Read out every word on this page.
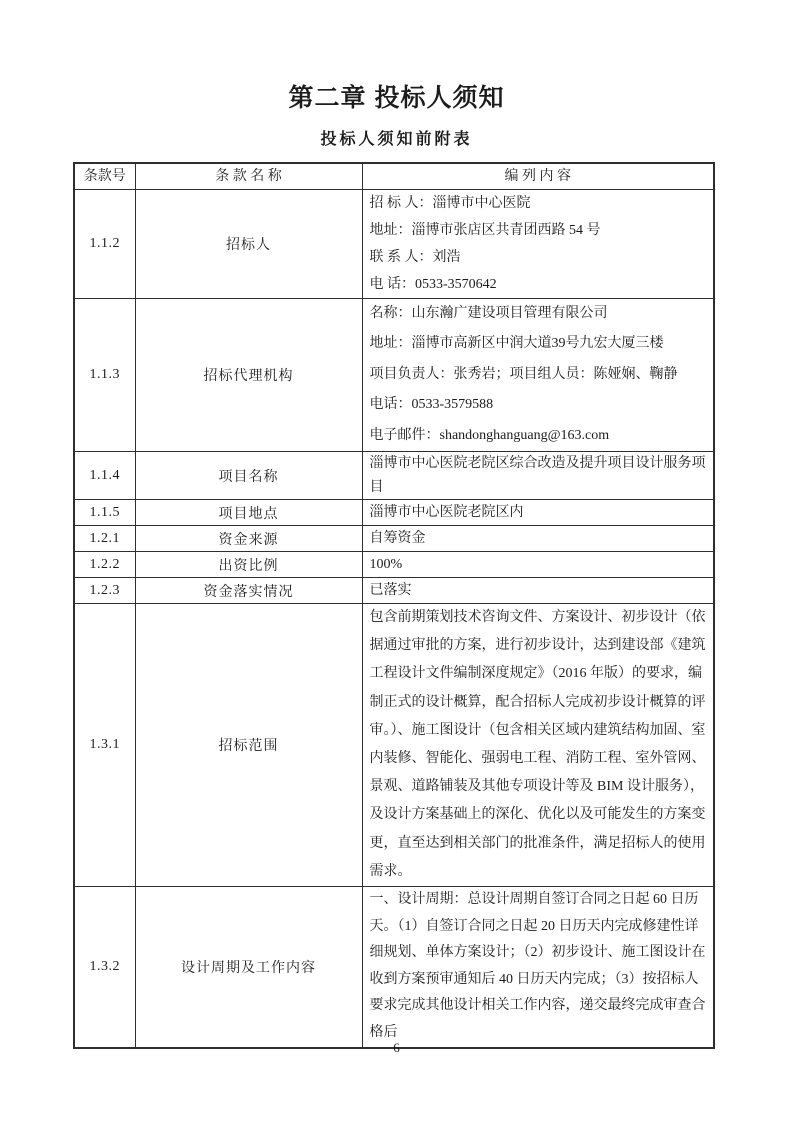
第二章 投标人须知
投标人须知前附表
条款号	条 款 名 称	编 列 内 容
1.1.2	招标人	招 标 人：淄博市中心医院
地址：淄博市张店区共青团西路 54 号
联 系 人：刘浩
电 话：0533-3570642

1.1.3	招标代理机构	名称：山东瀚广建设项目管理有限公司
地址：淄博市高新区中润大道39号九宏大厦三楼
项目负责人：张秀岩；项目组人员：陈娅娴、鞠静
电话：0533-3579588
电子邮件：shandonghanguang@163.com

1.1.4	项目名称	淄博市中心医院老院区综合改造及提升项目设计服务项目

1.1.5	项目地点	淄博市中心医院老院区内

1.2.1	资金来源	自筹资金

1.2.2	出资比例	100%

1.2.3	资金落实情况	已落实

1.3.1	招标范围	包含前期策划技术咨询文件、方案设计、初步设计（依据通过审批的方案，进行初步设计，达到建设部《建筑工程设计文件编制深度规定》（2016 年版）的要求，编制正式的设计概算，配合招标人完成初步设计概算的评审。）、施工图设计（包含相关区域内建筑结构加固、室内装修、智能化、强弱电工程、消防工程、室外管网、景观、道路铺装及其他专项设计等及 BIM 设计服务），及设计方案基础上的深化、优化以及可能发生的方案变更，直至达到相关部门的批准条件，满足招标人的使用需求。

1.3.2	设计周期及工作内容	一、设计周期：总设计周期自签订合同之日起 60 日历天。（1）自签订合同之日起 20 日历天内完成修建性详细规划、单体方案设计；（2）初步设计、施工图设计在收到方案预审通知后 40 日历天内完成；（3）按招标人要求完成其他设计相关工作内容，递交最终完成审查合格后
6
